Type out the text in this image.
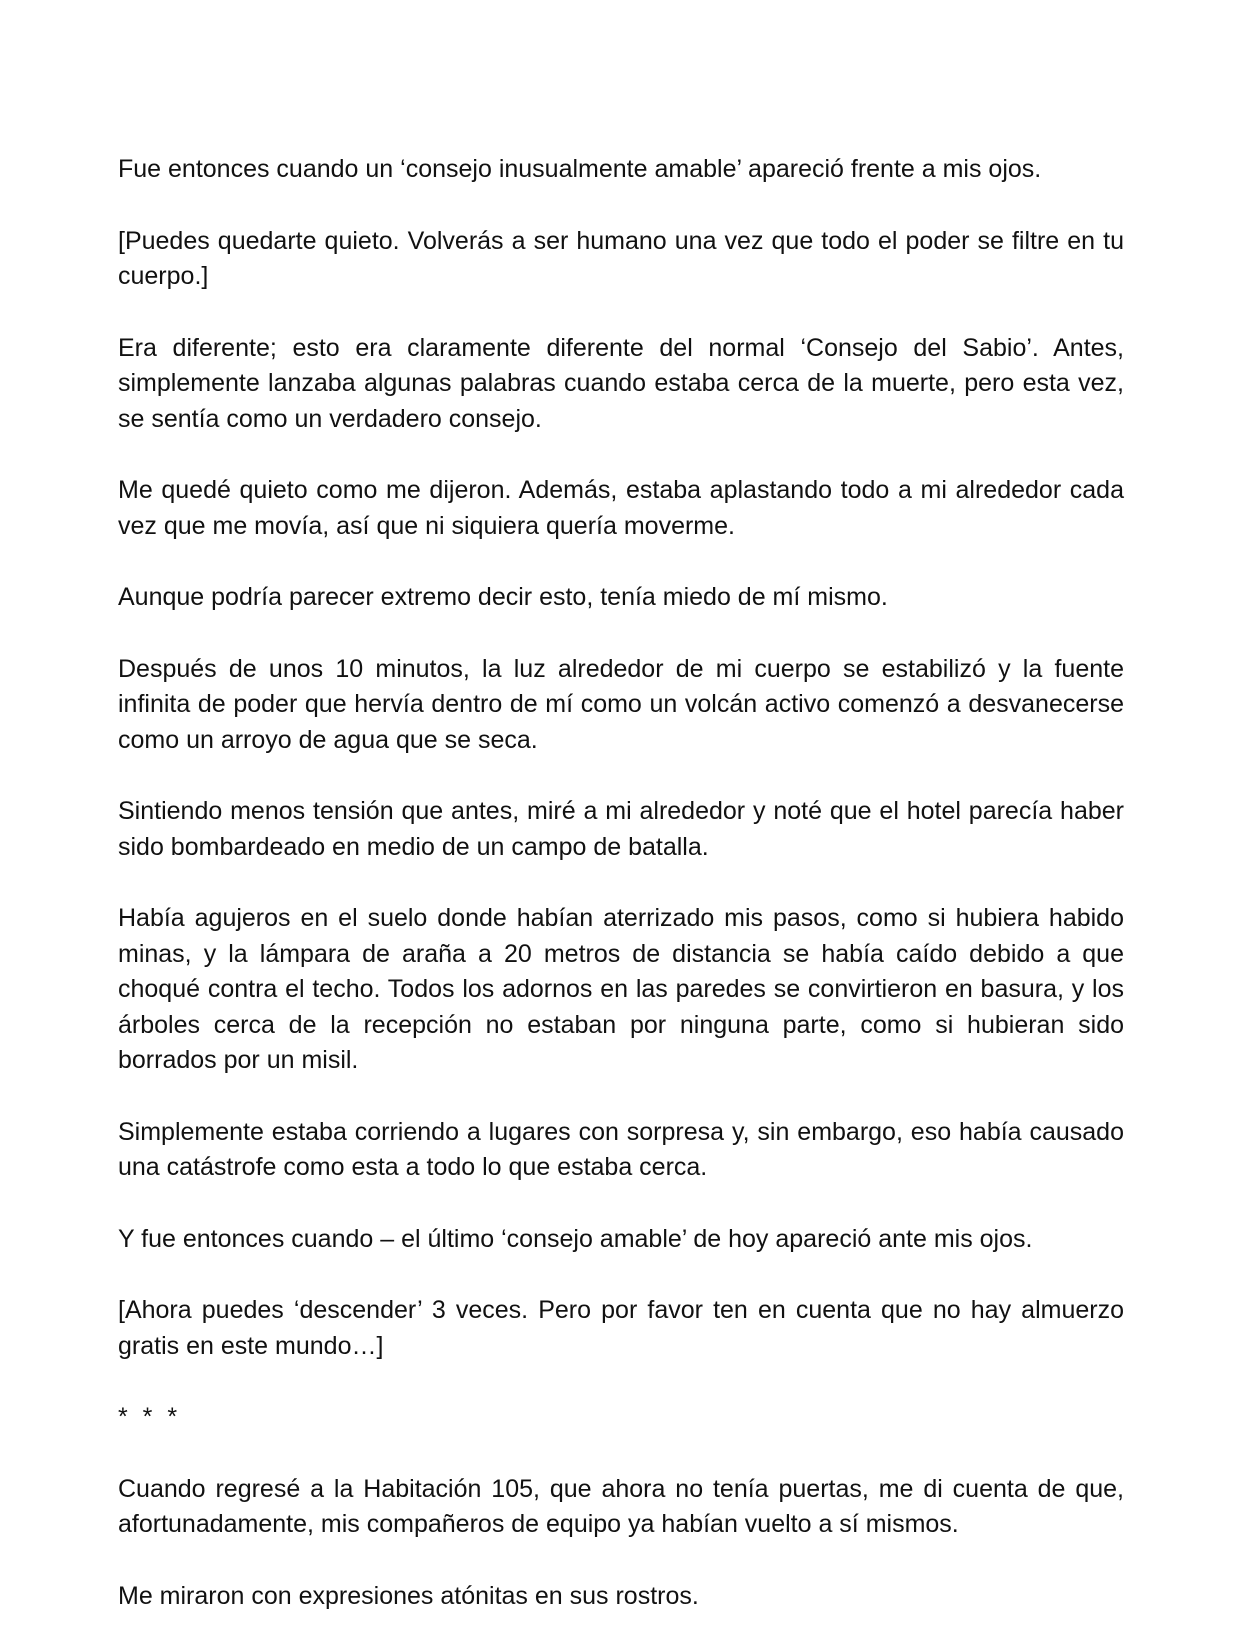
Fue entonces cuando un ‘consejo inusualmente amable’ apareció frente a mis ojos.

[Puedes quedarte quieto. Volverás a ser humano una vez que todo el poder se filtre en tu cuerpo.]

Era diferente; esto era claramente diferente del normal ‘Consejo del Sabio’. Antes, simplemente lanzaba algunas palabras cuando estaba cerca de la muerte, pero esta vez, se sentía como un verdadero consejo.

Me quedé quieto como me dijeron. Además, estaba aplastando todo a mi alrededor cada vez que me movía, así que ni siquiera quería moverme.

Aunque podría parecer extremo decir esto, tenía miedo de mí mismo.

Después de unos 10 minutos, la luz alrededor de mi cuerpo se estabilizó y la fuente infinita de poder que hervía dentro de mí como un volcán activo comenzó a desvanecerse como un arroyo de agua que se seca.

Sintiendo menos tensión que antes, miré a mi alrededor y noté que el hotel parecía haber sido bombardeado en medio de un campo de batalla.

Había agujeros en el suelo donde habían aterrizado mis pasos, como si hubiera habido minas, y la lámpara de araña a 20 metros de distancia se había caído debido a que choqué contra el techo. Todos los adornos en las paredes se convirtieron en basura, y los árboles cerca de la recepción no estaban por ninguna parte, como si hubieran sido borrados por un misil.

Simplemente estaba corriendo a lugares con sorpresa y, sin embargo, eso había causado una catástrofe como esta a todo lo que estaba cerca.

Y fue entonces cuando – el último ‘consejo amable’ de hoy apareció ante mis ojos.

[Ahora puedes ‘descender’ 3 veces. Pero por favor ten en cuenta que no hay almuerzo gratis en este mundo…]

* * *

Cuando regresé a la Habitación 105, que ahora no tenía puertas, me di cuenta de que, afortunadamente, mis compañeros de equipo ya habían vuelto a sí mismos.

Me miraron con expresiones atónitas en sus rostros.
